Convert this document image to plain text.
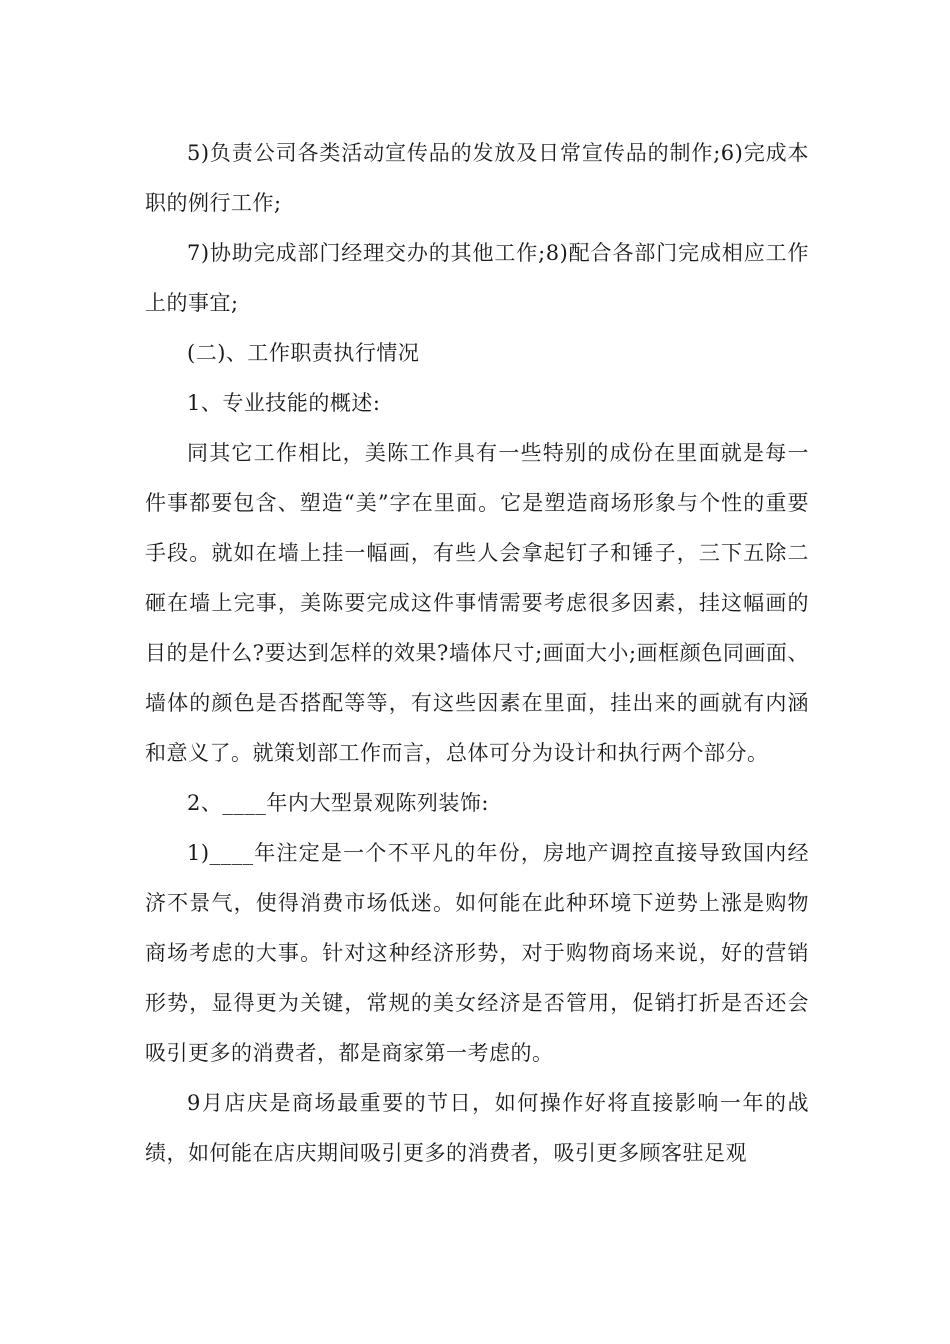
5)负责公司各类活动宣传品的发放及日常宣传品的制作;6)完成本职的例行工作;

7)协助完成部门经理交办的其他工作;8)配合各部门完成相应工作上的事宜;

(二)、工作职责执行情况

1、专业技能的概述:

同其它工作相比，美陈工作具有一些特别的成份在里面就是每一件事都要包含、塑造“美”字在里面。它是塑造商场形象与个性的重要手段。就如在墙上挂一幅画，有些人会拿起钉子和锤子，三下五除二砸在墙上完事，美陈要完成这件事情需要考虑很多因素，挂这幅画的目的是什么?要达到怎样的效果?墙体尺寸;画面大小;画框颜色同画面、墙体的颜色是否搭配等等，有这些因素在里面，挂出来的画就有内涵和意义了。就策划部工作而言，总体可分为设计和执行两个部分。

2、____年内大型景观陈列装饰:

1)____年注定是一个不平凡的年份，房地产调控直接导致国内经济不景气，使得消费市场低迷。如何能在此种环境下逆势上涨是购物商场考虑的大事。针对这种经济形势，对于购物商场来说，好的营销形势，显得更为关键，常规的美女经济是否管用，促销打折是否还会吸引更多的消费者，都是商家第一考虑的。

9月店庆是商场最重要的节日，如何操作好将直接影响一年的战绩，如何能在店庆期间吸引更多的消费者，吸引更多顾客驻足观
